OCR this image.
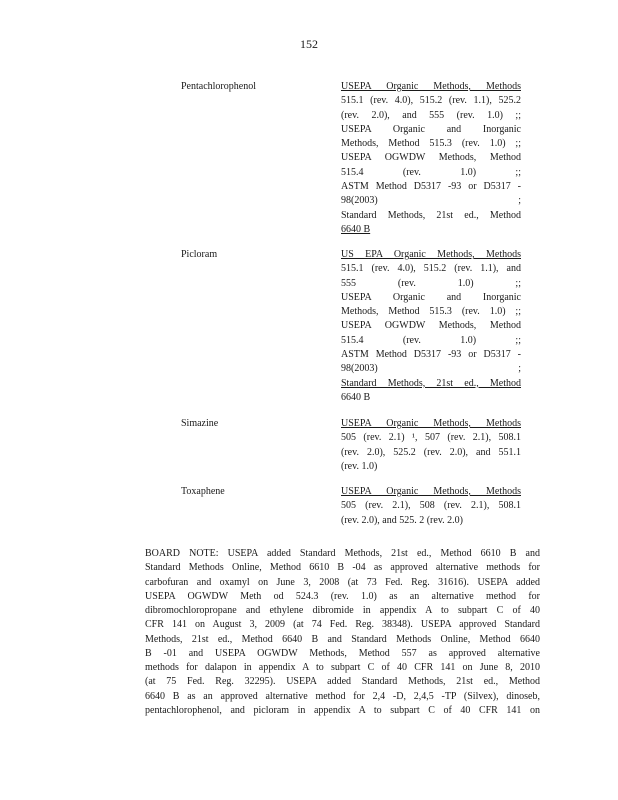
152
Pentachlorophenol	USEPA Organic Methods, Methods
515.1 (rev. 4.0), 515.2 (rev. 1.1), 525.2
(rev. 2.0), and 555 (rev. 1.0) ;;
USEPA Organic and Inorganic
Methods, Method 515.3 (rev. 1.0) ;;
USEPA OGWDW Methods, Method
515.4 (rev. 1.0) ;;
ASTM Method D5317 -93 or D5317 -
98(2003) ;
Standard Methods, 21st ed., Method
6640 B
Picloram	US EPA Organic Methods, Methods
515.1 (rev. 4.0), 515.2 (rev. 1.1), and
555 (rev. 1.0) ;;
USEPA Organic and Inorganic
Methods, Method 515.3 (rev. 1.0) ;;
USEPA OGWDW Methods, Method
515.4 (rev. 1.0) ;;
ASTM Method D5317 -93 or D5317 -
98(2003) ;
Standard Methods, 21st ed., Method
6640 B
Simazine	USEPA Organic Methods, Methods
505 (rev. 2.1) ¹, 507 (rev. 2.1), 508.1
(rev. 2.0), 525.2 (rev. 2.0), and 551.1
(rev. 1.0)
Toxaphene	USEPA Organic Methods, Methods
505 (rev. 2.1), 508 (rev. 2.1), 508.1
(rev. 2.0), and 525. 2 (rev. 2.0)
BOARD NOTE: USEPA added Standard Methods, 21st ed., Method 6610 B and
Standard Methods Online, Method 6610 B -04 as approved alternative methods for
carbofuran and oxamyl on June 3, 2008 (at 73 Fed. Reg. 31616). USEPA added
USEPA OGWDW Meth od 524.3 (rev. 1.0) as an alternative method for
dibromochloropropane and ethylene dibromide in appendix A to subpart C of 40
CFR 141 on August 3, 2009 (at 74 Fed. Reg. 38348). USEPA approved Standard
Methods, 21st ed., Method 6640 B and Standard Methods Online, Method 6640
B -01 and USEPA OGWDW Methods, Method 557 as approved alternative
methods for dalapon in appendix A to subpart C of 40 CFR 141 on June 8, 2010
(at 75 Fed. Reg. 32295). USEPA added Standard Methods, 21st ed., Method
6640 B as an approved alternative method for 2,4 -D, 2,4,5 -TP (Silvex), dinoseb,
pentachlorophenol, and picloram in appendix A to subpart C of 40 CFR 141 on
